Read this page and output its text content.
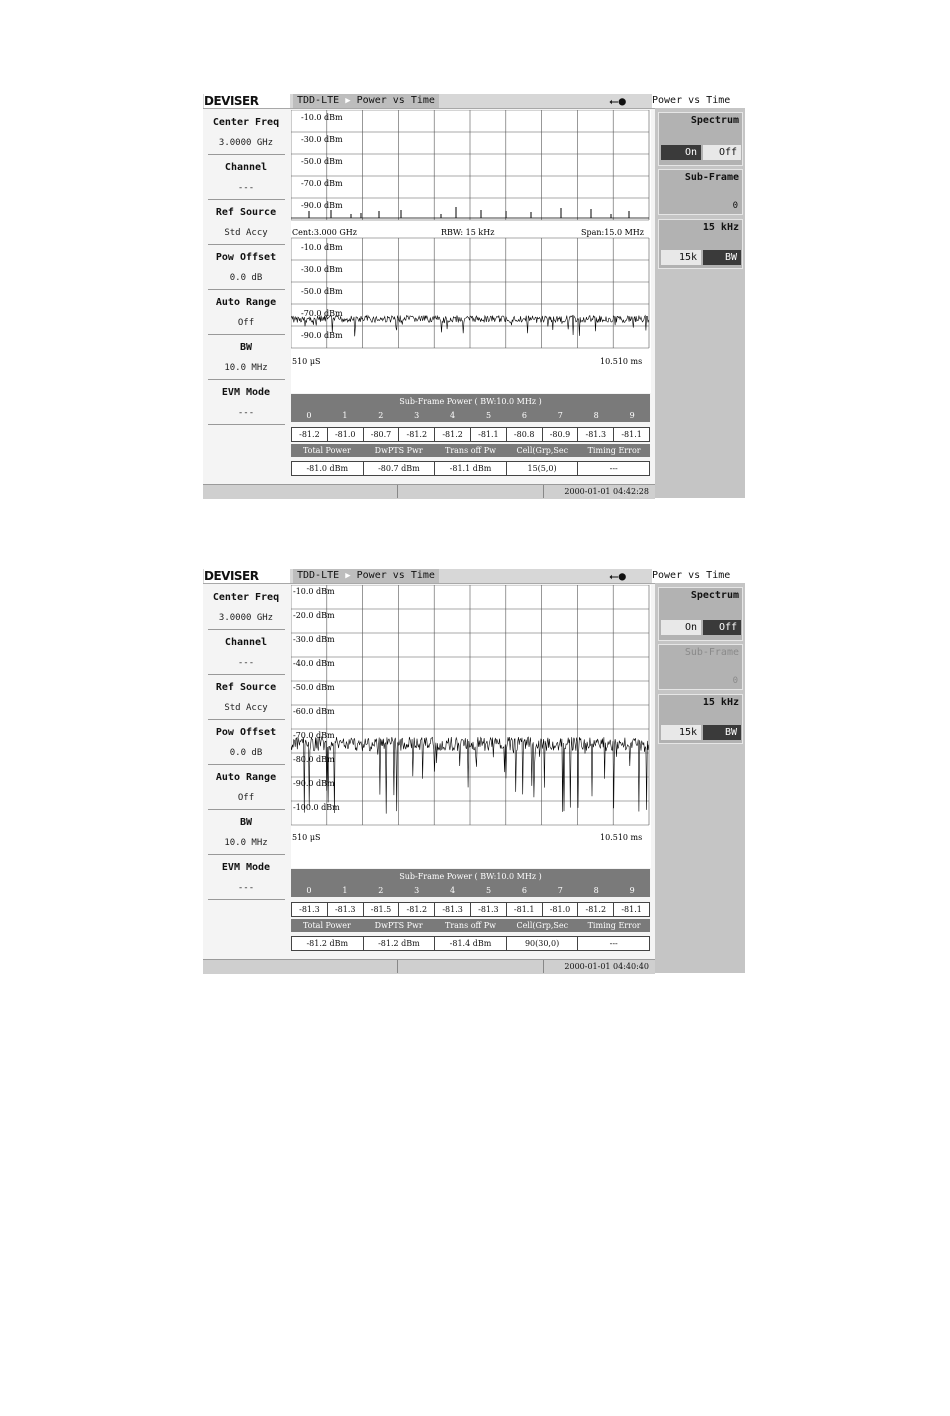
DEVISER	TDD-LTE ▶ Power vs Time	⭠●
Center Freq
3.0000 GHz
Channel
---
Ref Source
Std Accy
Pow Offset
0.0 dB
Auto Range
Off
BW
10.0 MHz
EVM Mode
---
-10.0 dBm
-30.0 dBm
-50.0 dBm
-70.0 dBm
-90.0 dBm
Cent:3.000 GHz	RBW: 15 kHz	Span:15.0 MHz
-10.0 dBm
-30.0 dBm
-50.0 dBm
-70.0 dBm
-90.0 dBm
510 μS	10.510 ms
Sub-Frame Power ( BW:10.0 MHz )
0	1	2	3	4	5	6	7	8	9
-81.2	-81.0	-80.7	-81.2	-81.2	-81.1	-80.8	-80.9	-81.3	-81.1
Total Power	DwPTS Pwr	Trans off Pw	Cell(Grp,Sec	Timing Error
-81.0 dBm	-80.7 dBm	-81.1 dBm	15(5,0)	---
2000-01-01 04:42:28
Power vs Time
Spectrum
On	Off
Sub-Frame
0
15 kHz
15k	BW
DEVISER	TDD-LTE ▶ Power vs Time	⭠●
Center Freq
3.0000 GHz
Channel
---
Ref Source
Std Accy
Pow Offset
0.0 dB
Auto Range
Off
BW
10.0 MHz
EVM Mode
---
-10.0 dBm
-20.0 dBm
-30.0 dBm
-40.0 dBm
-50.0 dBm
-60.0 dBm
-70.0 dBm
-80.0 dBm
-90.0 dBm
-100.0 dBm
510 μS	10.510 ms
Sub-Frame Power ( BW:10.0 MHz )
0	1	2	3	4	5	6	7	8	9
-81.3	-81.3	-81.5	-81.2	-81.3	-81.3	-81.1	-81.0	-81.2	-81.1
Total Power	DwPTS Pwr	Trans off Pw	Cell(Grp,Sec	Timing Error
-81.2 dBm	-81.2 dBm	-81.4 dBm	90(30,0)	---
2000-01-01 04:40:40
Power vs Time
Spectrum
On	Off
Sub-Frame
0
15 kHz
15k	BW
